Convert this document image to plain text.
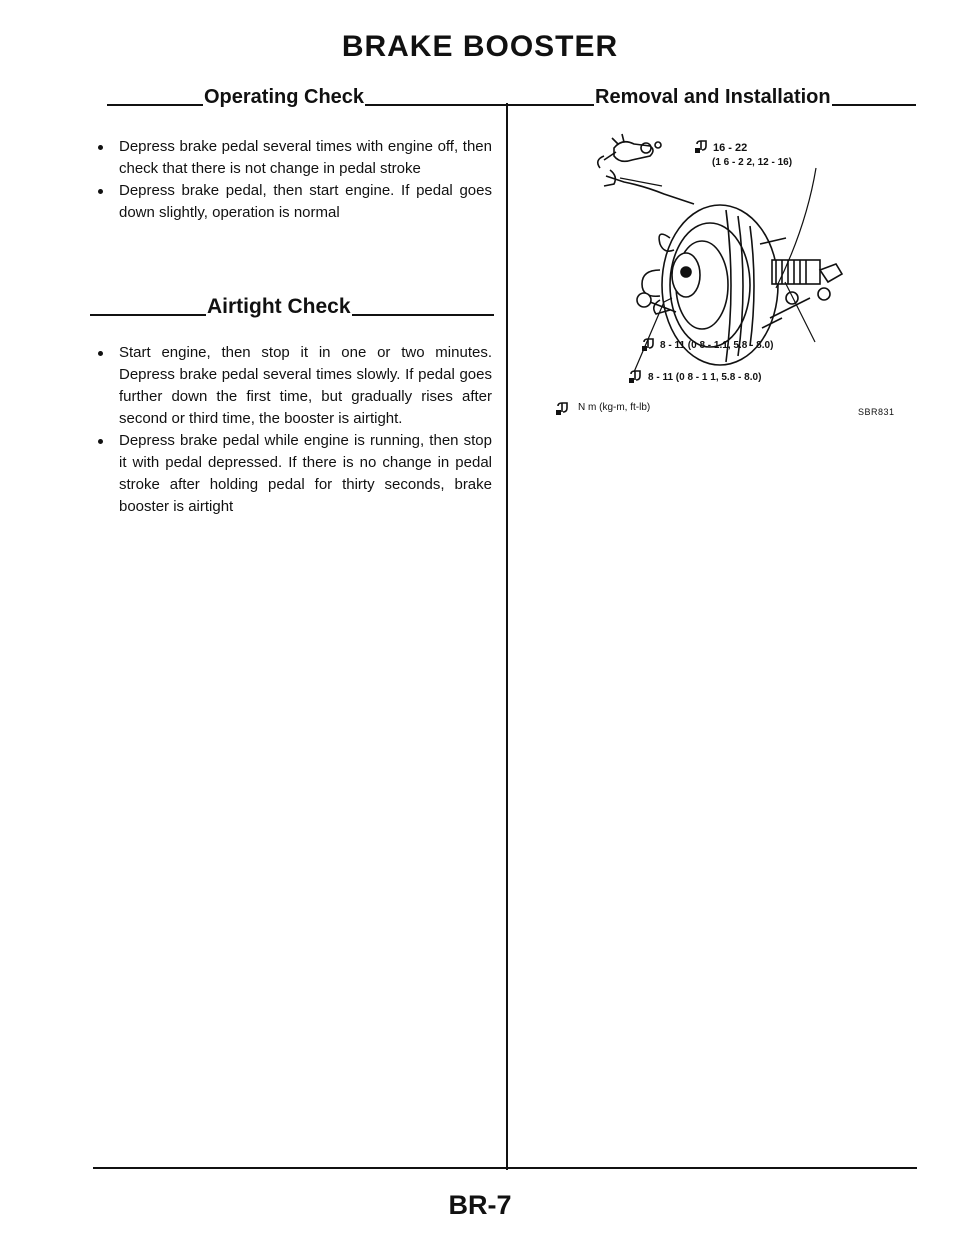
BRAKE BOOSTER
Operating Check
Depress brake pedal several times with engine off, then check that there is not change in pedal stroke
Depress brake pedal, then start engine. If pedal goes down slightly, operation is normal
Airtight Check
Start engine, then stop it in one or two minutes. Depress brake pedal several times slowly. If pedal goes further down the first time, but gradually rises after second or third time, the booster is airtight.
Depress brake pedal while engine is running, then stop it with pedal depressed. If there is no change in pedal stroke after holding pedal for thirty seconds, brake booster is airtight
Removal and Installation
16 - 22
(1 6 - 2 2, 12 - 16)
8 - 11 (0 8 - 1.1, 5.8 - 8.0)
8 - 11 (0 8 - 1 1, 5.8 - 8.0)
N m (kg-m, ft-lb)	SBR831
BR-7
